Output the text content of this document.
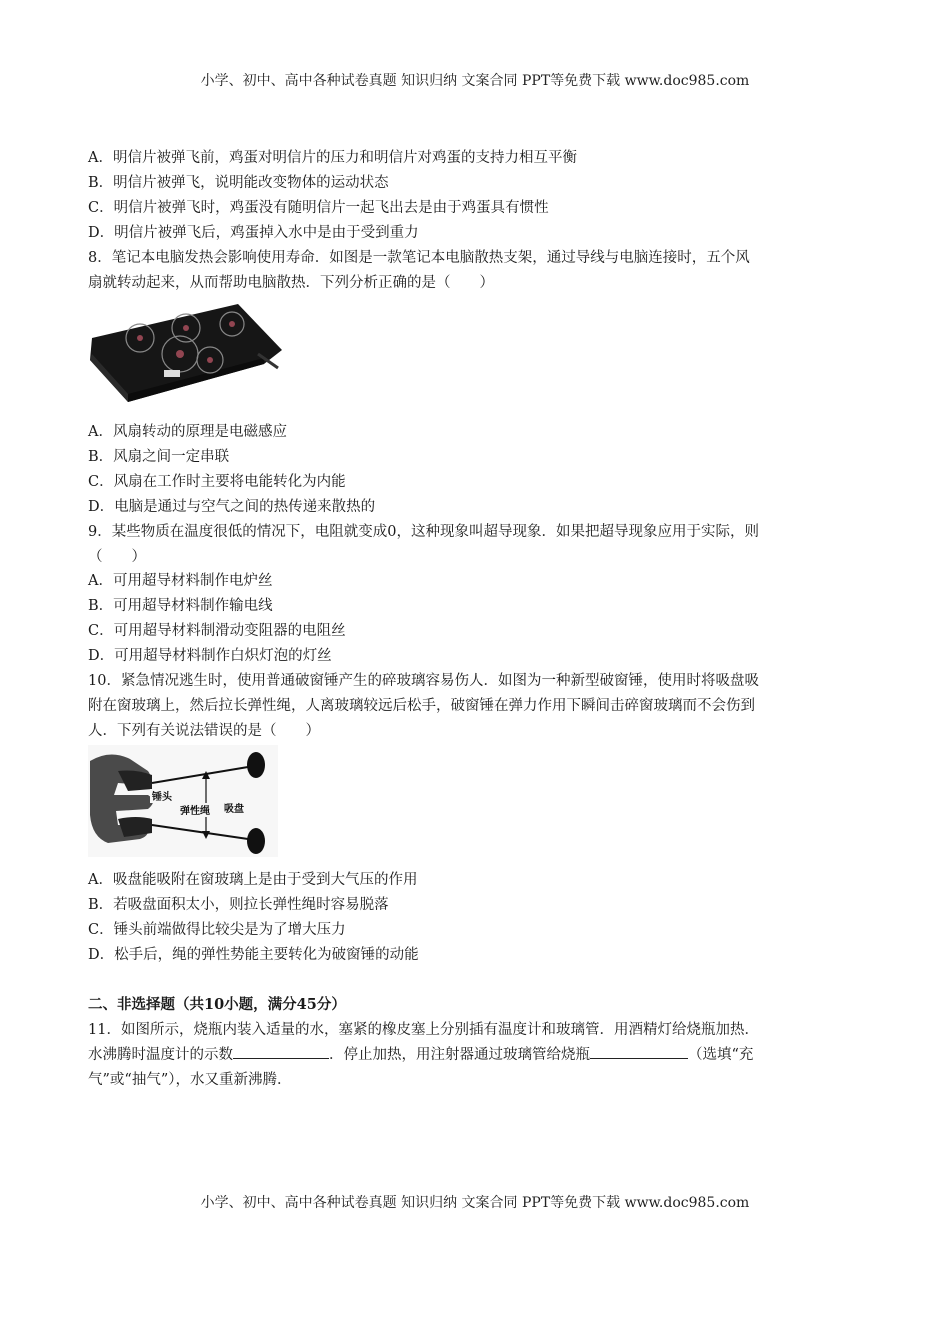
小学、初中、高中各种试卷真题 知识归纳 文案合同 PPT等免费下载 www.doc985.com
A．明信片被弹飞前，鸡蛋对明信片的压力和明信片对鸡蛋的支持力相互平衡
B．明信片被弹飞，说明能改变物体的运动状态
C．明信片被弹飞时，鸡蛋没有随明信片一起飞出去是由于鸡蛋具有惯性
D．明信片被弹飞后，鸡蛋掉入水中是由于受到重力
8．笔记本电脑发热会影响使用寿命．如图是一款笔记本电脑散热支架，通过导线与电脑连接时，五个风
扇就转动起来，从而帮助电脑散热．下列分析正确的是（　　）
A．风扇转动的原理是电磁感应
B．风扇之间一定串联
C．风扇在工作时主要将电能转化为内能
D．电脑是通过与空气之间的热传递来散热的
9．某些物质在温度很低的情况下，电阻就变成0，这种现象叫超导现象．如果把超导现象应用于实际，则
（　　）
A．可用超导材料制作电炉丝
B．可用超导材料制作输电线
C．可用超导材料制滑动变阻器的电阻丝
D．可用超导材料制作白炽灯泡的灯丝
10．紧急情况逃生时，使用普通破窗锤产生的碎玻璃容易伤人．如图为一种新型破窗锤，使用时将吸盘吸
附在窗玻璃上，然后拉长弹性绳，人离玻璃较远后松手，破窗锤在弹力作用下瞬间击碎窗玻璃而不会伤到
人．下列有关说法错误的是（　　）
锤头
弹性绳 吸盘
A．吸盘能吸附在窗玻璃上是由于受到大气压的作用
B．若吸盘面积太小，则拉长弹性绳时容易脱落
C．锤头前端做得比较尖是为了增大压力
D．松手后，绳的弹性势能主要转化为破窗锤的动能
二、非选择题（共10小题，满分45分）
11．如图所示，烧瓶内装入适量的水，塞紧的橡皮塞上分别插有温度计和玻璃管．用酒精灯给烧瓶加热．
水沸腾时温度计的示数	．停止加热，用注射器通过玻璃管给烧瓶	（选填“充
气”或“抽气”），水又重新沸腾．
小学、初中、高中各种试卷真题 知识归纳 文案合同 PPT等免费下载 www.doc985.com
